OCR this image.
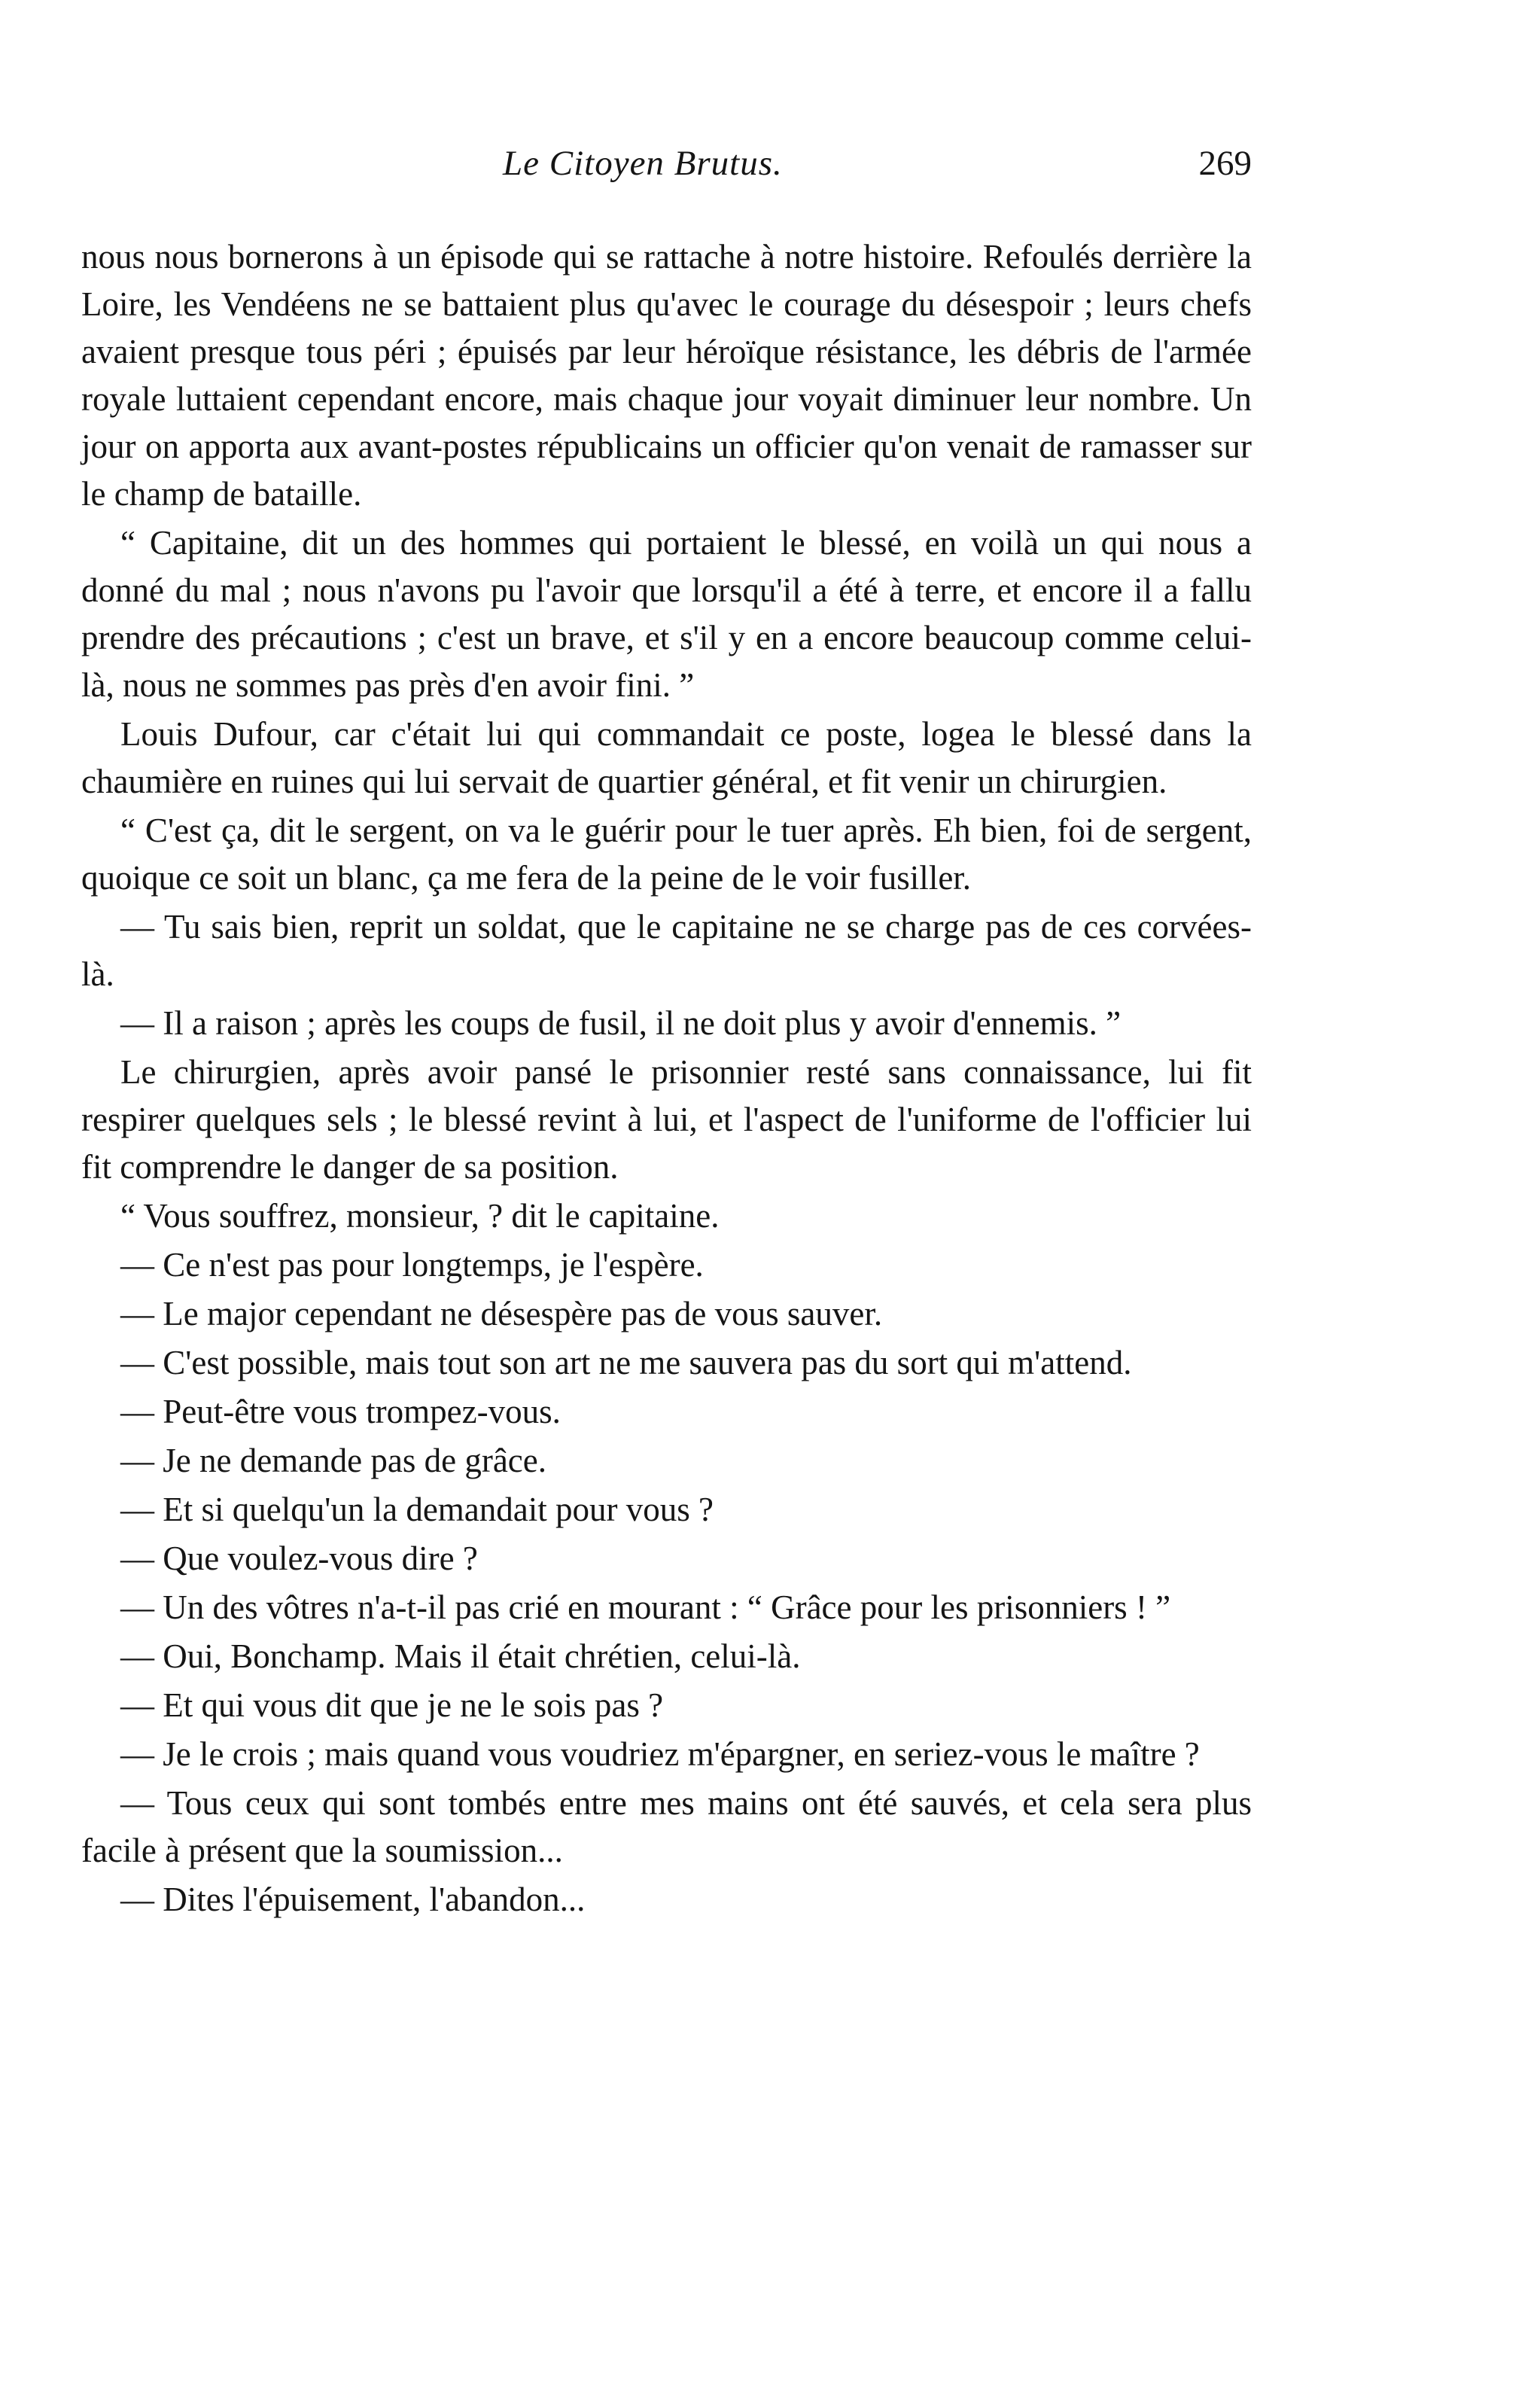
Le Citoyen Brutus.	269

nous nous bornerons à un épisode qui se rattache à notre histoire. Refoulés derrière la Loire, les Vendéens ne se battaient plus qu'avec le courage du désespoir ; leurs chefs avaient presque tous péri ; épuisés par leur héroïque résistance, les débris de l'armée royale luttaient cependant encore, mais chaque jour voyait diminuer leur nombre. Un jour on apporta aux avant-postes républicains un officier qu'on venait de ramasser sur le champ de bataille.

“ Capitaine, dit un des hommes qui portaient le blessé, en voilà un qui nous a donné du mal ; nous n'avons pu l'avoir que lorsqu'il a été à terre, et encore il a fallu prendre des précautions ; c'est un brave, et s'il y en a encore beaucoup comme celui-là, nous ne sommes pas près d'en avoir fini. ”

Louis Dufour, car c'était lui qui commandait ce poste, logea le blessé dans la chaumière en ruines qui lui servait de quartier général, et fit venir un chirurgien.

“ C'est ça, dit le sergent, on va le guérir pour le tuer après. Eh bien, foi de sergent, quoique ce soit un blanc, ça me fera de la peine de le voir fusiller.

— Tu sais bien, reprit un soldat, que le capitaine ne se charge pas de ces corvées-là.

— Il a raison ; après les coups de fusil, il ne doit plus y avoir d'ennemis. ”

Le chirurgien, après avoir pansé le prisonnier resté sans connaissance, lui fit respirer quelques sels ; le blessé revint à lui, et l'aspect de l'uniforme de l'officier lui fit comprendre le danger de sa position.

“ Vous souffrez, monsieur, ? dit le capitaine.

— Ce n'est pas pour longtemps, je l'espère.

— Le major cependant ne désespère pas de vous sauver.

— C'est possible, mais tout son art ne me sauvera pas du sort qui m'attend.

— Peut-être vous trompez-vous.

— Je ne demande pas de grâce.

— Et si quelqu'un la demandait pour vous ?

— Que voulez-vous dire ?

— Un des vôtres n'a-t-il pas crié en mourant : “ Grâce pour les prisonniers ! ”

— Oui, Bonchamp. Mais il était chrétien, celui-là.

— Et qui vous dit que je ne le sois pas ?

— Je le crois ; mais quand vous voudriez m'épargner, en seriez-vous le maître ?

— Tous ceux qui sont tombés entre mes mains ont été sauvés, et cela sera plus facile à présent que la soumission...

— Dites l'épuisement, l'abandon...
